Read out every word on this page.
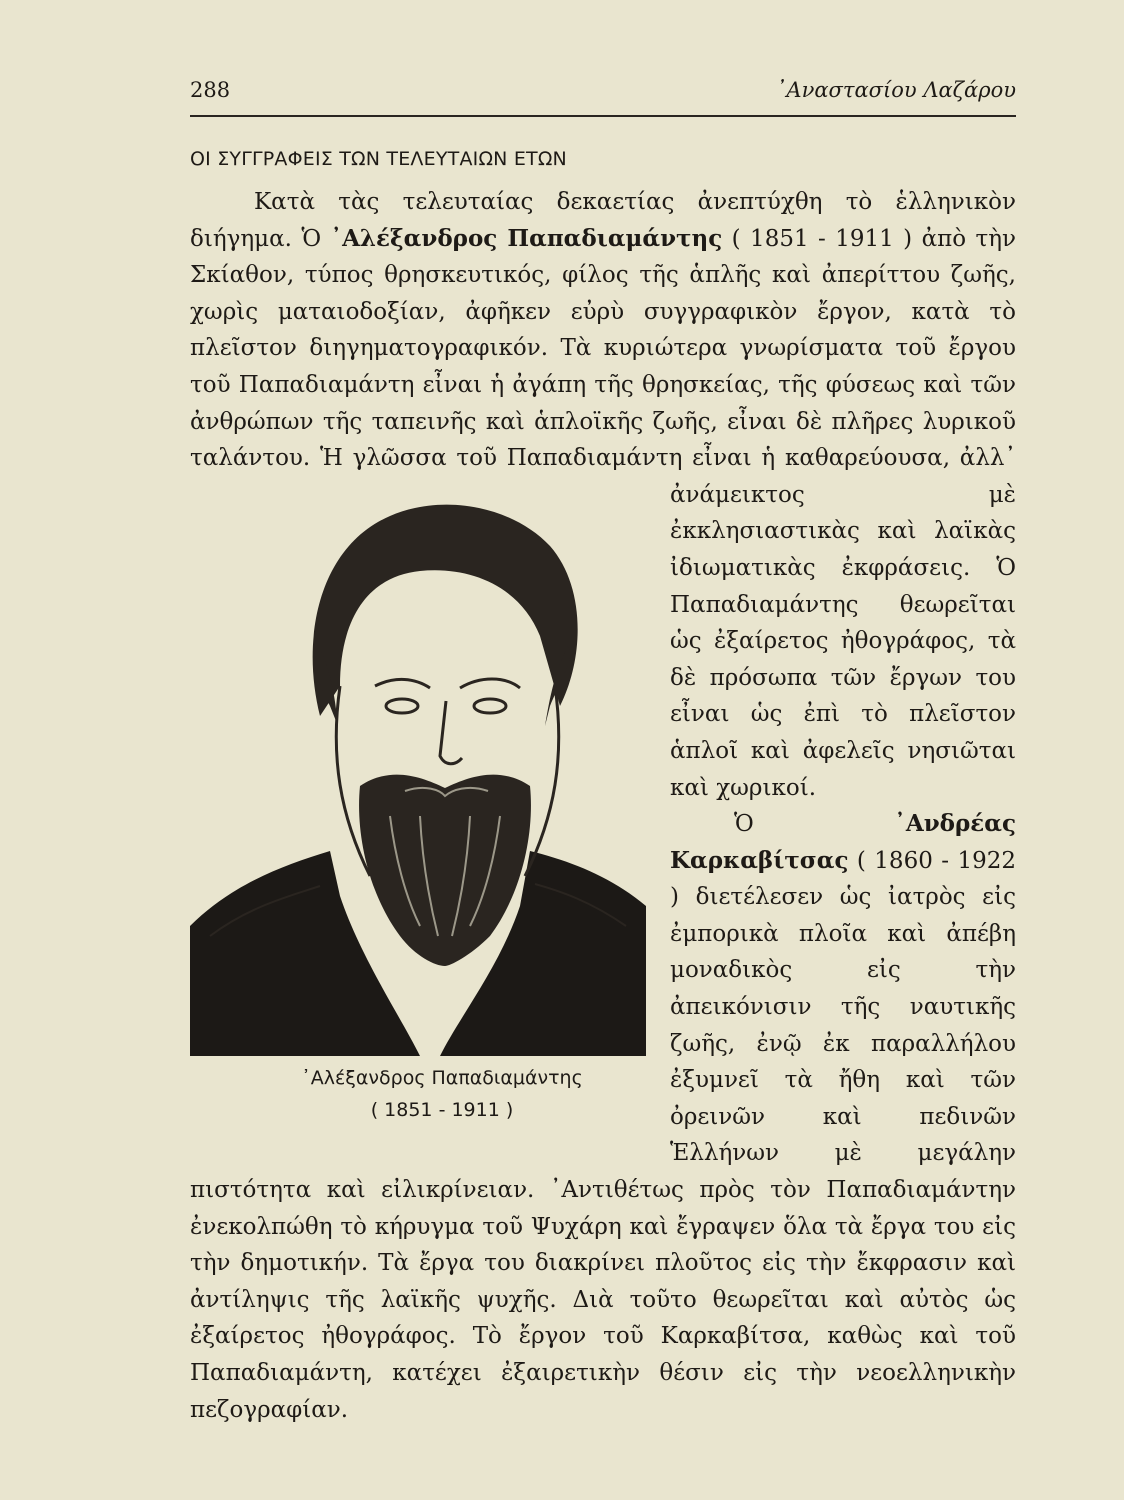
288	᾿Αναστασίου Λαζάρου
ΟΙ ΣΥΓΓΡΑΦΕΙΣ ΤΩΝ ΤΕΛΕΥΤΑΙΩΝ ΕΤΩΝ

Κατὰ τὰς τελευταίας δεκαετίας ἀνεπτύχθη τὸ ἑλληνικὸν διήγημα. Ὁ ᾿Αλέξανδρος Παπαδιαμάντης ( 1851 - 1911 ) ἀπὸ τὴν Σκίαθον, τύπος θρησκευτικός, φίλος τῆς ἁπλῆς καὶ ἀπερίττου ζωῆς, χωρὶς ματαιοδοξίαν, ἀφῆκεν εὐρὺ συγγραφικὸν ἔργον, κατὰ τὸ πλεῖστον διηγηματογραφικόν. Τὰ κυριώτερα γνωρίσματα τοῦ ἔργου τοῦ Παπαδιαμάντη εἶναι ἡ ἀγάπη τῆς θρησκείας, τῆς φύσεως καὶ τῶν ἀνθρώπων τῆς ταπεινῆς καὶ ἁπλοϊκῆς ζωῆς, εἶναι δὲ πλῆρες λυρικοῦ ταλάντου.
᾿Αλέξανδρος Παπαδιαμάντης
( 1851 - 1911 )
Ἡ γλῶσσα τοῦ Παπαδιαμάντη εἶναι ἡ καθαρεύουσα, ἀλλ᾿ ἀνάμεικτος μὲ ἐκκλησιαστικὰς καὶ λαϊκὰς ἰδιωματικὰς ἐκφράσεις. Ὁ Παπαδιαμάντης θεωρεῖται ὡς ἐξαίρετος ἠθογράφος, τὰ δὲ πρόσωπα τῶν ἔργων του εἶναι ὡς ἐπὶ τὸ πλεῖστον ἁπλοῖ καὶ ἀφελεῖς νησιῶται καὶ χωρικοί.

Ὁ ᾿Ανδρέας Καρκαβίτσας ( 1860 - 1922 ) διετέλεσεν ὡς ἰατρὸς εἰς ἐμπορικὰ πλοῖα καὶ ἀπέβη μοναδικὸς εἰς τὴν ἀπεικόνισιν τῆς ναυτικῆς ζωῆς, ἐνῷ ἐκ παραλλήλου ἐξυμνεῖ τὰ ἤθη καὶ τῶν ὀρεινῶν καὶ πεδινῶν Ἑλλήνων μὲ μεγάλην πιστότητα καὶ εἰλικρίνειαν. ᾿Αντιθέτως πρὸς τὸν Παπαδιαμάντην ἐνεκολπώθη τὸ κήρυγμα τοῦ Ψυχάρη καὶ ἔγραψεν ὅλα τὰ ἔργα του εἰς τὴν δημοτικήν. Τὰ ἔργα του διακρίνει πλοῦτος εἰς τὴν ἔκφρασιν καὶ ἀντίληψις τῆς λαϊκῆς ψυχῆς. Διὰ τοῦτο θεωρεῖται καὶ αὐτὸς ὡς ἐξαίρετος ἠθογράφος. Τὸ ἔργον τοῦ Καρκαβίτσα, καθὼς καὶ τοῦ Παπαδιαμάντη, κατέχει ἐξαιρετικὴν θέσιν εἰς τὴν νεοελληνικὴν πεζογραφίαν.
